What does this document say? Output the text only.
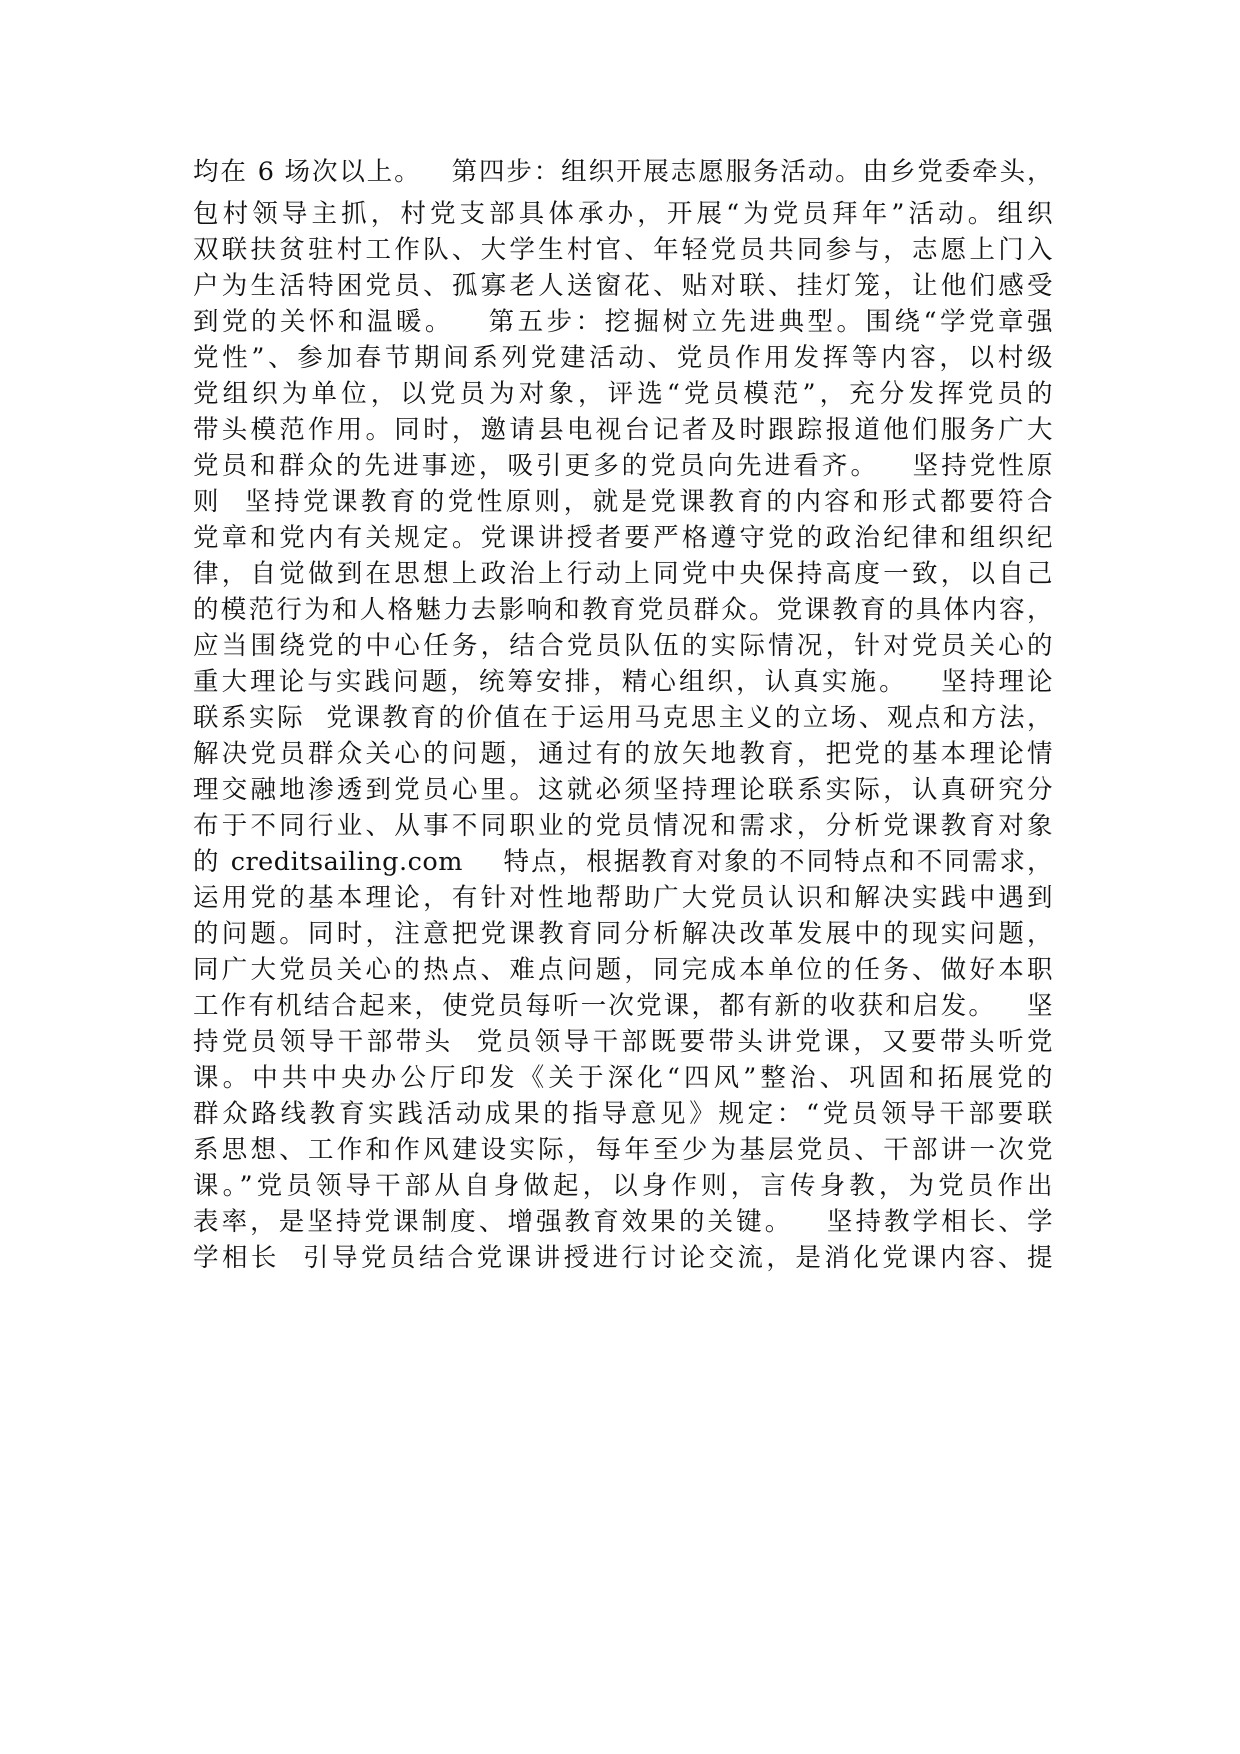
均在 6 场次以上。   第四步：组织开展志愿服务活动。由乡党委牵头，
包村领导主抓，村党支部具体承办，开展“为党员拜年”活动。组织
双联扶贫驻村工作队、大学生村官、年轻党员共同参与，志愿上门入
户为生活特困党员、孤寡老人送窗花、贴对联、挂灯笼，让他们感受
到党的关怀和温暖。   第五步：挖掘树立先进典型。围绕“学党章强
党性”、参加春节期间系列党建活动、党员作用发挥等内容，以村级
党组织为单位，以党员为对象，评选“党员模范”，充分发挥党员的
带头模范作用。同时，邀请县电视台记者及时跟踪报道他们服务广大
党员和群众的先进事迹，吸引更多的党员向先进看齐。   坚持党性原
则  坚持党课教育的党性原则，就是党课教育的内容和形式都要符合
党章和党内有关规定。党课讲授者要严格遵守党的政治纪律和组织纪
律，自觉做到在思想上政治上行动上同党中央保持高度一致，以自己
的模范行为和人格魅力去影响和教育党员群众。党课教育的具体内容，
应当围绕党的中心任务，结合党员队伍的实际情况，针对党员关心的
重大理论与实践问题，统筹安排，精心组织，认真实施。   坚持理论
联系实际  党课教育的价值在于运用马克思主义的立场、观点和方法，
解决党员群众关心的问题，通过有的放矢地教育，把党的基本理论情
理交融地渗透到党员心里。这就必须坚持理论联系实际，认真研究分
布于不同行业、从事不同职业的党员情况和需求，分析党课教育对象
的 creditsailing.com    特点，根据教育对象的不同特点和不同需求，
运用党的基本理论，有针对性地帮助广大党员认识和解决实践中遇到
的问题。同时，注意把党课教育同分析解决改革发展中的现实问题，
同广大党员关心的热点、难点问题，同完成本单位的任务、做好本职
工作有机结合起来，使党员每听一次党课，都有新的收获和启发。   坚
持党员领导干部带头  党员领导干部既要带头讲党课，又要带头听党
课。中共中央办公厅印发《关于深化“四风”整治、巩固和拓展党的
群众路线教育实践活动成果的指导意见》规定：“党员领导干部要联
系思想、工作和作风建设实际，每年至少为基层党员、干部讲一次党
课。”党员领导干部从自身做起，以身作则，言传身教，为党员作出
表率，是坚持党课制度、增强教育效果的关键。   坚持教学相长、学
学相长  引导党员结合党课讲授进行讨论交流，是消化党课内容、提
